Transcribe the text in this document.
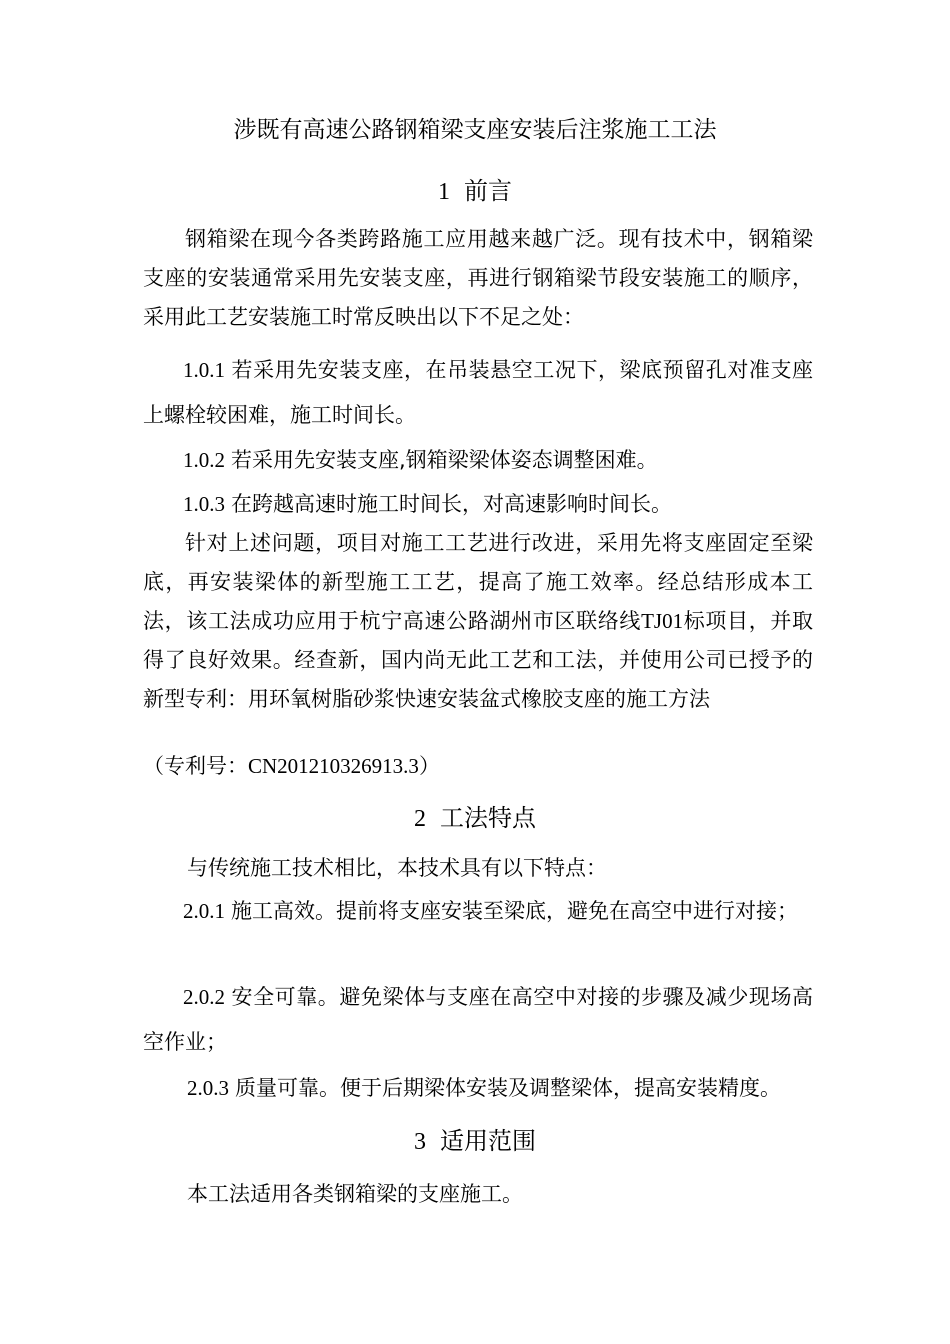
涉既有高速公路钢箱梁支座安装后注浆施工工法
1 前言
钢箱梁在现今各类跨路施工应用越来越广泛。现有技术中，钢箱梁支座的安装通常采用先安装支座，再进行钢箱梁节段安装施工的顺序，采用此工艺安装施工时常反映出以下不足之处：
1.0.1 若采用先安装支座，在吊装悬空工况下，梁底预留孔对准支座上螺栓较困难，施工时间长。
1.0.2 若采用先安装支座,钢箱梁梁体姿态调整困难。
1.0.3 在跨越高速时施工时间长，对高速影响时间长。
针对上述问题，项目对施工工艺进行改进，采用先将支座固定至梁底，再安装梁体的新型施工工艺，提高了施工效率。经总结形成本工法，该工法成功应用于杭宁高速公路湖州市区联络线TJ01标项目，并取得了良好效果。经查新，国内尚无此工艺和工法，并使用公司已授予的新型专利：用环氧树脂砂浆快速安装盆式橡胶支座的施工方法
（专利号：CN201210326913.3）
2 工法特点
与传统施工技术相比，本技术具有以下特点：
2.0.1 施工高效。提前将支座安装至梁底，避免在高空中进行对接；
2.0.2 安全可靠。避免梁体与支座在高空中对接的步骤及减少现场高空作业；
2.0.3 质量可靠。便于后期梁体安装及调整梁体，提高安装精度。
3 适用范围
本工法适用各类钢箱梁的支座施工。
